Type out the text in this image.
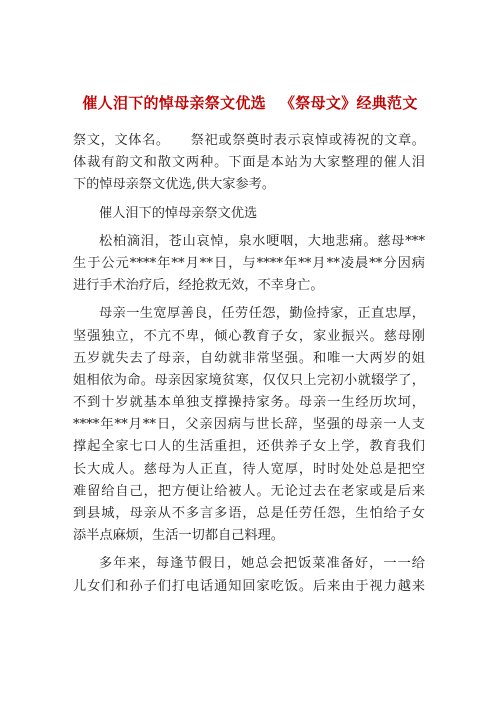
催人泪下的悼母亲祭文优选 《祭母文》经典范文
祭文，文体名。　　祭祀或祭奠时表示哀悼或祷祝的文章。
体裁有韵文和散文两种。下面是本站为大家整理的催人泪
下的悼母亲祭文优选,供大家参考。
催人泪下的悼母亲祭文优选
松柏滴泪，苍山哀悼，泉水哽咽，大地悲痛。慈母***
生于公元****年**月**日，与****年**月**凌晨**分因病
进行手术治疗后，经抢救无效，不幸身亡。
母亲一生宽厚善良，任劳任怨，勤俭持家，正直忠厚，
坚强独立，不亢不卑，倾心教育子女，家业振兴。慈母刚
五岁就失去了母亲，自幼就非常坚强。和唯一大两岁的姐
姐相依为命。母亲因家境贫寒，仅仅只上完初小就辍学了，
不到十岁就基本单独支撑操持家务。母亲一生经历坎坷，
****年**月**日，父亲因病与世长辞，坚强的母亲一人支
撑起全家七口人的生活重担，还供养子女上学，教育我们
长大成人。慈母为人正直，待人宽厚，时时处处总是把空
难留给自己，把方便让给被人。无论过去在老家或是后来
到县城，母亲从不多言多语，总是任劳任怨，生怕给子女
添半点麻烦，生活一切都自己料理。
多年来，每逢节假日，她总会把饭菜准备好，一一给
儿女们和孙子们打电话通知回家吃饭。后来由于视力越来
